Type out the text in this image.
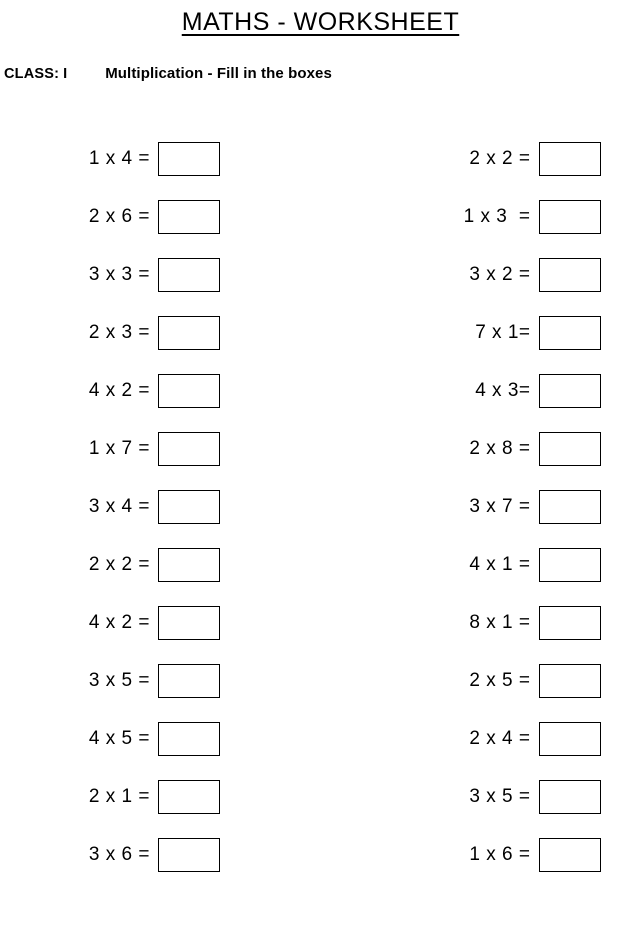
MATHS - WORKSHEET
CLASS: I	Multiplication - Fill in the boxes
1 x 4 =
2 x 6 =
3 x 3 =
2 x 3 =
4 x 2 =
1 x 7 =
3 x 4 =
2 x 2 =
4 x 2 =
3 x 5 =
4 x 5 =
2 x 1 =
3 x 6 =
2 x 2 =
1 x 3  =
3 x 2 =
7 x 1=
4 x 3=
2 x 8 =
3 x 7 =
4 x 1 =
8 x 1 =
2 x 5 =
2 x 4 =
3 x 5 =
1 x 6 =
